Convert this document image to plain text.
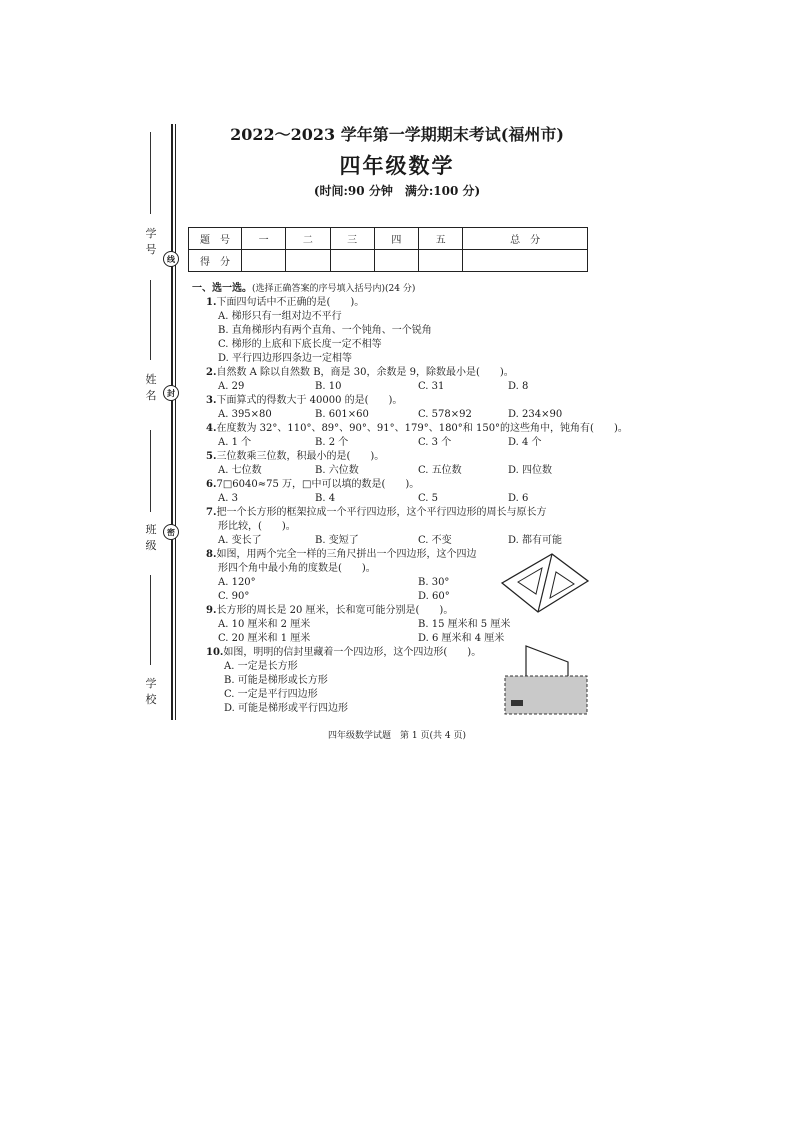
2022～2023 学年第一学期期末考试(福州市)
四年级数学
(时间:90 分钟　满分:100 分)
学号
姓名
班级
学校
线
封
密
题　号	一	二	三	四	五	总　分
得　分						
一、选一选。(选择正确答案的序号填入括号内)(24 分)
1.下面四句话中不正确的是(　　)。
A. 梯形只有一组对边不平行
B. 直角梯形内有两个直角、一个钝角、一个锐角
C. 梯形的上底和下底长度一定不相等
D. 平行四边形四条边一定相等
2.自然数 A 除以自然数 B，商是 30，余数是 9，除数最小是(　　)。
A. 29	B. 10	C. 31	D. 8
3.下面算式的得数大于 40000 的是(　　)。
A. 395×80	B. 601×60	C. 578×92	D. 234×90
4.在度数为 32°、110°、89°、90°、91°、179°、180°和 150°的这些角中，钝角有(　　)。
A. 1 个	B. 2 个	C. 3 个	D. 4 个
5.三位数乘三位数，积最小的是(　　)。
A. 七位数	B. 六位数	C. 五位数	D. 四位数
6.7□6040≈75 万，□中可以填的数是(　　)。
A. 3	B. 4	C. 5	D. 6
7.把一个长方形的框架拉成一个平行四边形，这个平行四边形的周长与原长方
形比较，(　　)。
A. 变长了	B. 变短了	C. 不变	D. 都有可能
8.如图，用两个完全一样的三角尺拼出一个四边形，这个四边
形四个角中最小角的度数是(　　)。
A. 120°	B. 30°
C. 90°	D. 60°
9.长方形的周长是 20 厘米，长和宽可能分别是(　　)。
A. 10 厘米和 2 厘米	B. 15 厘米和 5 厘米
C. 20 厘米和 1 厘米	D. 6 厘米和 4 厘米
10.如图，明明的信封里藏着一个四边形，这个四边形(　　)。
A. 一定是长方形
B. 可能是梯形或长方形
C. 一定是平行四边形
D. 可能是梯形或平行四边形
四年级数学试题　第 1 页(共 4 页)
